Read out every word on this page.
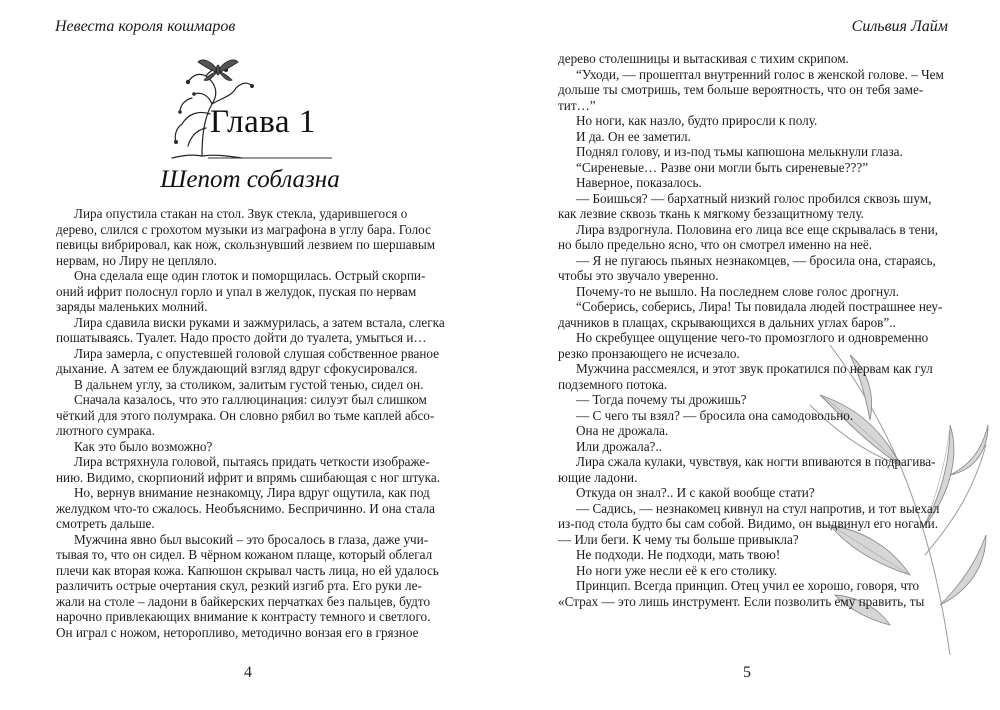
Невеста короля кошмаров
Глава 1
Шепот соблазна

Лира опустила стакан на стол. Звук стекла, ударившегося о

дерево, слился с грохотом музыки из маграфона в углу бара. Голос

певицы вибрировал, как нож, скользнувший лезвием по шершавым

нервам, но Лиру не цепляло.

Она сделала еще один глоток и поморщилась. Острый скорпи-

оний ифрит полоснул горло и упал в желудок, пуская по нервам

заряды маленьких молний.

Лира сдавила виски руками и зажмурилась, а затем встала, слегка

пошатываясь. Туалет. Надо просто дойти до туалета, умыться и…

Лира замерла, с опустевшей головой слушая собственное рваное

дыхание. А затем ее блуждающий взгляд вдруг сфокусировался.

В дальнем углу, за столиком, залитым густой тенью, сидел он.

Сначала казалось, что это галлюцинация: силуэт был слишком

чёткий для этого полумрака. Он словно рябил во тьме каплей абсо-

лютного сумрака.

Как это было возможно?

Лира встряхнула головой, пытаясь придать четкости изображе-

нию. Видимо, скорпионий ифрит и впрямь сшибающая с ног штука.

Но, вернув внимание незнакомцу, Лира вдруг ощутила, как под

желудком что-то сжалось. Необъяснимо. Беспричинно. И она стала

смотреть дальше.

Мужчина явно был высокий – это бросалось в глаза, даже учи-

тывая то, что он сидел. В чёрном кожаном плаще, который облегал

плечи как вторая кожа. Капюшон скрывал часть лица, но ей удалось

различить острые очертания скул, резкий изгиб рта. Его руки ле-

жали на столе – ладони в байкерских перчатках без пальцев, будто

нарочно привлекающих внимание к контрасту темного и светлого.

Он играл с ножом, неторопливо, методично вонзая его в грязное

4
Сильвия Лайм

дерево столешницы и вытаскивая с тихим скрипом.

“Уходи, — прошептал внутренний голос в женской голове. – Чем

дольше ты смотришь, тем больше вероятность, что он тебя заме-

тит…”

Но ноги, как назло, будто приросли к полу.

И да. Он ее заметил.

Поднял голову, и из-под тьмы капюшона мелькнули глаза.

“Сиреневые… Разве они могли быть сиреневые???”

Наверное, показалось.

— Боишься? — бархатный низкий голос пробился сквозь шум,

как лезвие сквозь ткань к мягкому беззащитному телу.

Лира вздрогнула. Половина его лица все еще скрывалась в тени,

но было предельно ясно, что он смотрел именно на неё.

— Я не пугаюсь пьяных незнакомцев, — бросила она, стараясь,

чтобы это звучало уверенно.

Почему-то не вышло. На последнем слове голос дрогнул.

“Соберись, соберись, Лира! Ты повидала людей пострашнее неу-

дачников в плащах, скрывающихся в дальних углах баров”..

Но скребущее ощущение чего-то промозглого и одновременно

резко пронзающего не исчезало.

Мужчина рассмеялся, и этот звук прокатился по нервам как гул

подземного потока.

— Тогда почему ты дрожишь?

— С чего ты взял? — бросила она самодовольно.

Она не дрожала.

Или дрожала?..

Лира сжала кулаки, чувствуя, как ногти впиваются в подрагива-

ющие ладони.

Откуда он знал?.. И с какой вообще стати?

— Садись, — незнакомец кивнул на стул напротив, и тот выехал

из-под стола будто бы сам собой. Видимо, он выдвинул его ногами.

— Или беги. К чему ты больше привыкла?

Не подходи. Не подходи, мать твою!

Но ноги уже несли её к его столику.

Принцип. Всегда принцип. Отец учил ее хорошо, говоря, что

«Страх — это лишь инструмент. Если позволить ему править, ты

5
